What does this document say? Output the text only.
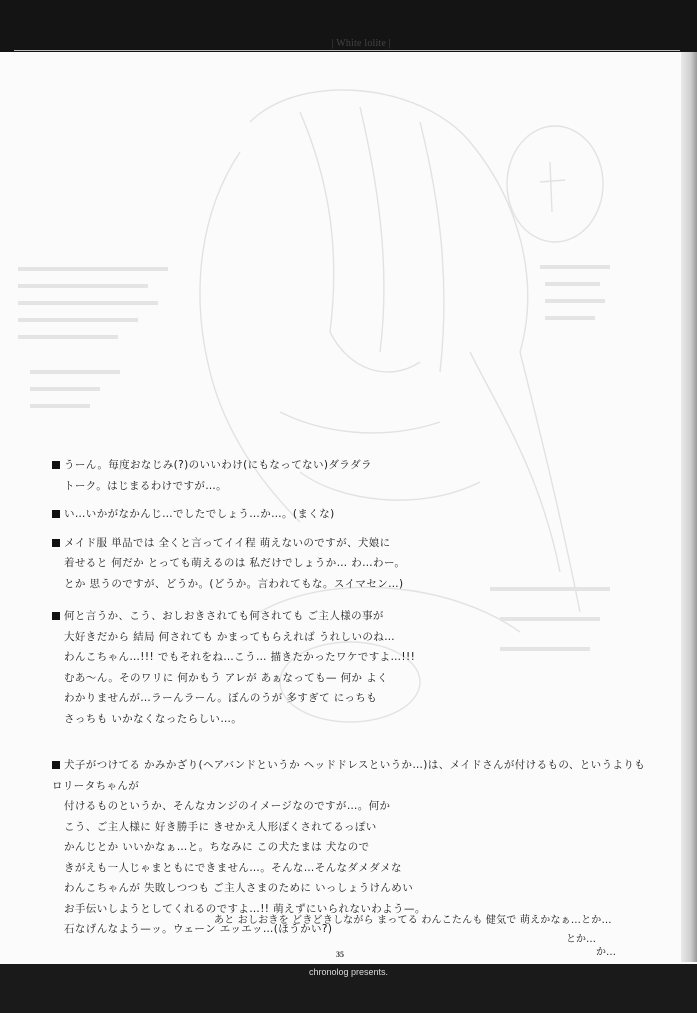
| White lolite |
うーん。毎度おなじみ(?)のいいわけ(にもなってない)ダラダラ
トーク。はじまるわけですが…。
い…いかがなかんじ…でしたでしょう…か…。(まくな)
メイド服 単品では 全くと言ってイイ程 萌えないのですが、犬娘に
着せると 何だか とっても萌えるのは 私だけでしょうか… わ…わー。
とか 思うのですが、どうか。(どうか。言われてもな。スイマセン…)
何と言うか、こう、おしおきされても何されても ご主人様の事が
大好きだから 結局 何されても かまってもらえれば うれしいのね…
わんこちゃん…!!! でもそれをね…こう… 描きたかったワケですよ…!!!
むあ〜ん。そのワリに 何かもう アレが あぁなっても— 何か よく
わかりませんが…ラーんラーん。ぼんのうが 多すぎて にっちも
さっちも いかなくなったらしい…。
犬子がつけてる かみかざり(ヘアバンドというか ヘッドドレスというか…)は、メイドさんが付けるもの、というよりも ロリータちゃんが
付けるものというか、そんなカンジのイメージなのですが…。何か
こう、ご主人様に 好き勝手に きせかえ人形ぽくされてるっぽい
かんじとか いいかなぁ…と。ちなみに この犬たまは 犬なので
きがえも一人じゃまともにできません…。そんな…そんなダメダメな
わんこちゃんが 失敗しつつも ご主人さまのために いっしょうけんめい
お手伝いしようとしてくれるのですよ…!! 萌えずにいられないわよう—。
石なげんなよう—ッ。ウェーン エッエッ…(ほうかい?)
あと おしおきを どきどきしながら まってる わんこたんも 健気で 萌えかなぁ…とか…
とか…
か…
35
chronolog presents.
